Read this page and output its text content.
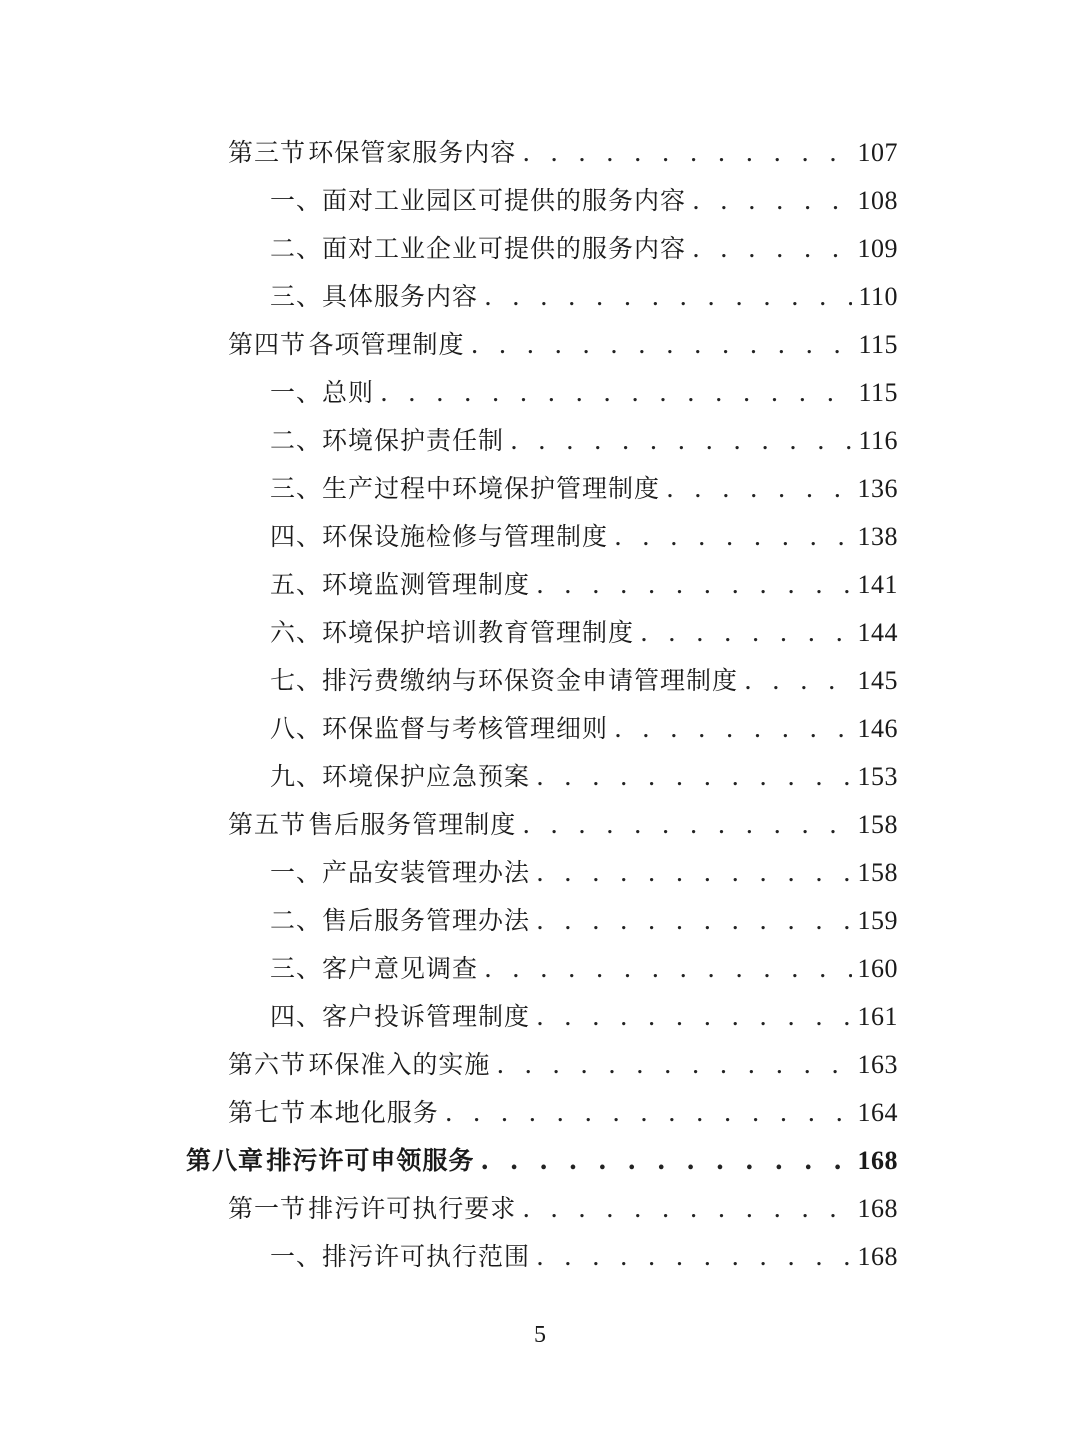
第三节 环保管家服务内容 . . .	107
一、 面对工业园区可提供的服务内容 . . .	108
二、 面对工业企业可提供的服务内容 . . .	109
三、 具体服务内容 . . .	110
第四节 各项管理制度 . . .	115
一、 总则 . . .	115
二、 环境保护责任制 . . .	116
三、 生产过程中环境保护管理制度 . . .	136
四、 环保设施检修与管理制度 . . .	138
五、 环境监测管理制度 . . .	141
六、 环境保护培训教育管理制度 . . .	144
七、 排污费缴纳与环保资金申请管理制度 . . .	145
八、 环保监督与考核管理细则 . . .	146
九、 环境保护应急预案 . . .	153
第五节 售后服务管理制度 . . .	158
一、 产品安装管理办法 . . .	158
二、 售后服务管理办法 . . .	159
三、 客户意见调查 . . .	160
四、 客户投诉管理制度 . . .	161
第六节 环保准入的实施 . . .	163
第七节 本地化服务 . . .	164
第八章 排污许可申领服务 . . .	168
第一节 排污许可执行要求 . . .	168
一、 排污许可执行范围 . . .	168
5
